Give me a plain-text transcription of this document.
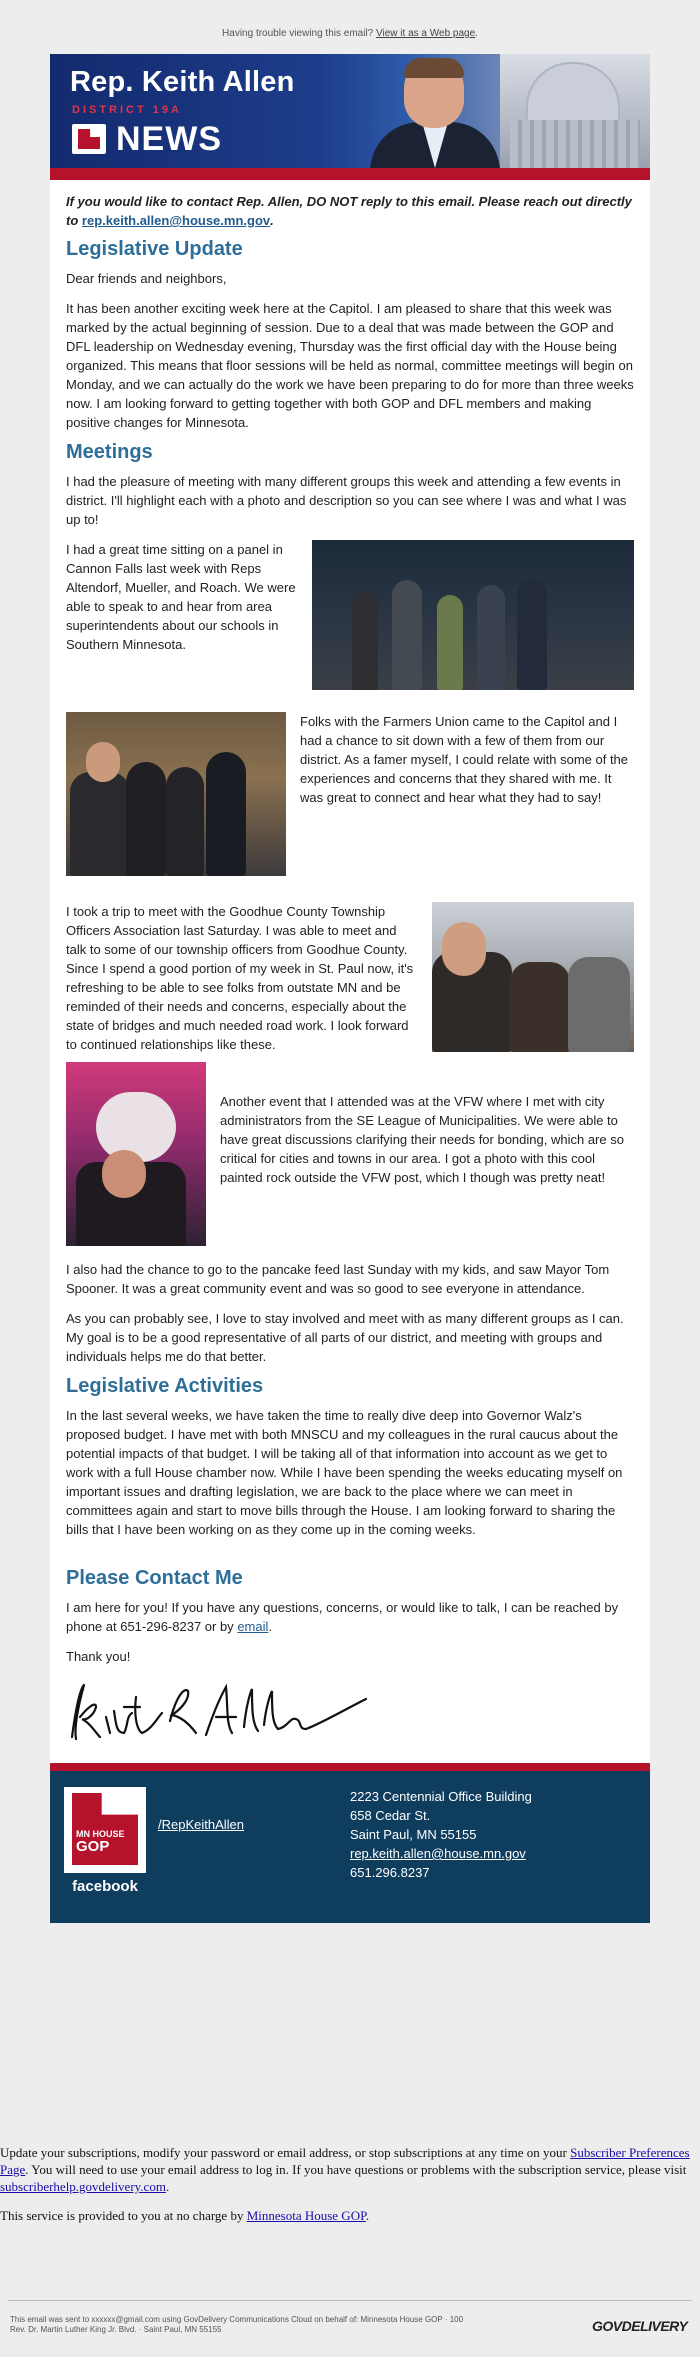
Having trouble viewing this email? View it as a Web page.
Rep. Keith Allen
DISTRICT 19A
NEWS

If you would like to contact Rep. Allen, DO NOT reply to this email. Please reach out directly to rep.keith.allen@house.mn.gov.

Legislative Update

Dear friends and neighbors,

It has been another exciting week here at the Capitol. I am pleased to share that this week was marked by the actual beginning of session. Due to a deal that was made between the GOP and DFL leadership on Wednesday evening, Thursday was the first official day with the House being organized. This means that floor sessions will be held as normal, committee meetings will begin on Monday, and we can actually do the work we have been preparing to do for more than three weeks now. I am looking forward to getting together with both GOP and DFL members and making positive changes for Minnesota.

Meetings

I had the pleasure of meeting with many different groups this week and attending a few events in district. I'll highlight each with a photo and description so you can see where I was and what I was up to!

I had a great time sitting on a panel in Cannon Falls last week with Reps Altendorf, Mueller, and Roach. We were able to speak to and hear from area superintendents about our schools in Southern Minnesota.

Folks with the Farmers Union came to the Capitol and I had a chance to sit down with a few of them from our district. As a famer myself, I could relate with some of the experiences and concerns that they shared with me. It was great to connect and hear what they had to say!

I took a trip to meet with the Goodhue County Township Officers Association last Saturday. I was able to meet and talk to some of our township officers from Goodhue County. Since I spend a good portion of my week in St. Paul now, it's refreshing to be able to see folks from outstate MN and be reminded of their needs and concerns, especially about the state of bridges and much needed road work. I look forward to continued relationships like these.

Another event that I attended was at the VFW where I met with city administrators from the SE League of Municipalities. We were able to have great discussions clarifying their needs for bonding, which are so critical for cities and towns in our area. I got a photo with this cool painted rock outside the VFW post, which I though was pretty neat!

I also had the chance to go to the pancake feed last Sunday with my kids, and saw Mayor Tom Spooner. It was a great community event and was so good to see everyone in attendance.

As you can probably see, I love to stay involved and meet with as many different groups as I can. My goal is to be a good representative of all parts of our district, and meeting with groups and individuals helps me do that better.

Legislative Activities

In the last several weeks, we have taken the time to really dive deep into Governor Walz's proposed budget. I have met with both MNSCU and my colleagues in the rural caucus about the potential impacts of that budget. I will be taking all of that information into account as we get to work with a full House chamber now. While I have been spending the weeks educating myself on important issues and drafting legislation, we are back to the place where we can meet in committees again and start to move bills through the House. I am looking forward to sharing the bills that I have been working on as they come up in the coming weeks.

Please Contact Me

I am here for you! If you have any questions, concerns, or would like to talk, I can be reached by phone at 651-296-8237 or by email.

Thank you!

MN HOUSE
GOP
facebook
/RepKeithAllen
2223 Centennial Office Building
658 Cedar St.
Saint Paul, MN 55155
rep.keith.allen@house.mn.gov
651.296.8237

Update your subscriptions, modify your password or email address, or stop subscriptions at any time on your Subscriber Preferences Page. You will need to use your email address to log in. If you have questions or problems with the subscription service, please visit subscriberhelp.govdelivery.com.

This service is provided to you at no charge by Minnesota House GOP.

This email was sent to xxxxxx@gmail.com using GovDelivery Communications Cloud on behalf of: Minnesota House GOP · 100
Rev. Dr. Martin Luther King Jr. Blvd. · Saint Paul, MN 55155	GOVDELIVERY
